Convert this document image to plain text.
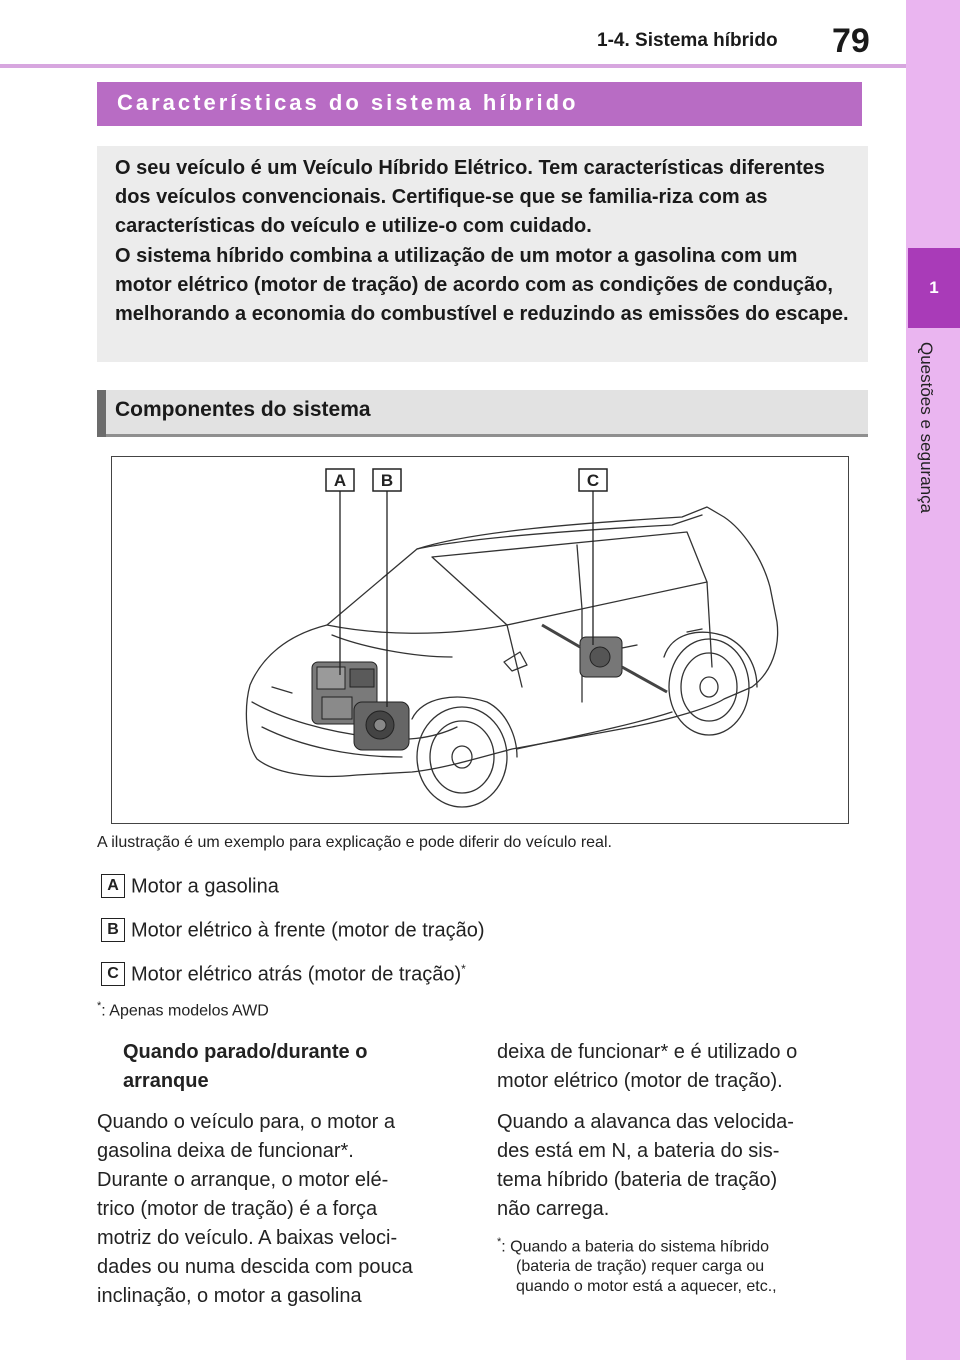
1-4. Sistema híbrido 79
1
Questões e segurança
Características do sistema híbrido

O seu veículo é um Veículo Híbrido Elétrico. Tem características diferentes dos veículos convencionais. Certifique-se que se familia-riza com as características do veículo e utilize-o com cuidado.

O sistema híbrido combina a utilização de um motor a gasolina com um motor elétrico (motor de tração) de acordo com as condições de condução, melhorando a economia do combustível e reduzindo as emissões do escape.

Componentes do sistema
A B	C
A ilustração é um exemplo para explicação e pode diferir do veículo real.
A Motor a gasolina
B Motor elétrico à frente (motor de tração)
C Motor elétrico atrás (motor de tração)*
*: Apenas modelos AWD

Quando parado/durante o

arranque

Quando o veículo para, o motor a

gasolina deixa de funcionar*.

Durante o arranque, o motor elé-

trico (motor de tração) é a força

motriz do veículo. A baixas veloci-

dades ou numa descida com pouca

inclinação, o motor a gasolina

deixa de funcionar* e é utilizado o

motor elétrico (motor de tração).

Quando a alavanca das velocida-

des está em N, a bateria do sis-

tema híbrido (bateria de tração)

não carrega.

*: Quando a bateria do sistema híbrido

(bateria de tração) requer carga ou

quando o motor está a aquecer, etc.,
